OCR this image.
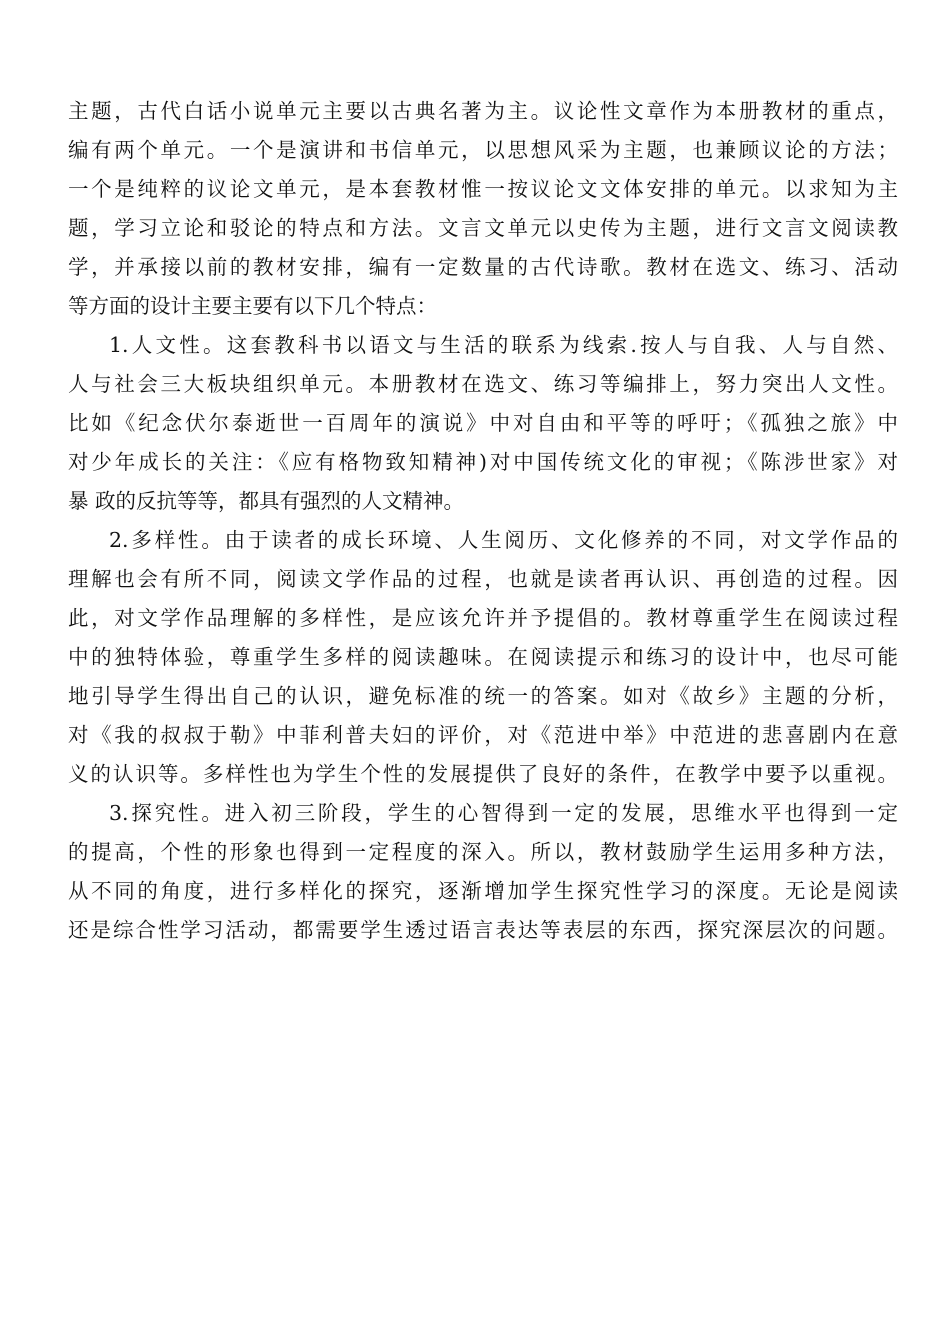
主题，古代白话小说单元主要以古典名著为主。议论性文章作为本册教材的重点，
编有两个单元。一个是演讲和书信单元，以思想风采为主题，也兼顾议论的方法；
一个是纯粹的议论文单元，是本套教材惟一按议论文文体安排的单元。以求知为主
题，学习立论和驳论的特点和方法。文言文单元以史传为主题，进行文言文阅读教
学，并承接以前的教材安排，编有一定数量的古代诗歌。教材在选文、练习、活动
等方面的设计主要主要有以下几个特点：
1.人文性。这套教科书以语文与生活的联系为线索.按人与自我、人与自然、
人与社会三大板块组织单元。本册教材在选文、练习等编排上，努力突出人文性。
比如《纪念伏尔泰逝世一百周年的演说》中对自由和平等的呼吁；《孤独之旅》中
对少年成长的关注：《应有格物致知精神)对中国传统文化的审视；《陈涉世家》对
暴 政的反抗等等，都具有强烈的人文精神。
2.多样性。由于读者的成长环境、人生阅历、文化修养的不同，对文学作品的
理解也会有所不同，阅读文学作品的过程，也就是读者再认识、再创造的过程。因
此，对文学作品理解的多样性，是应该允许并予提倡的。教材尊重学生在阅读过程
中的独特体验，尊重学生多样的阅读趣味。在阅读提示和练习的设计中，也尽可能
地引导学生得出自己的认识，避免标准的统一的答案。如对《故乡》主题的分析，
对《我的叔叔于勒》中菲利普夫妇的评价，对《范进中举》中范进的悲喜剧内在意
义的认识等。多样性也为学生个性的发展提供了良好的条件，在教学中要予以重视。
3.探究性。进入初三阶段，学生的心智得到一定的发展，思维水平也得到一定
的提高，个性的形象也得到一定程度的深入。所以，教材鼓励学生运用多种方法，
从不同的角度，进行多样化的探究，逐渐增加学生探究性学习的深度。无论是阅读
还是综合性学习活动，都需要学生透过语言表达等表层的东西，探究深层次的问题。
